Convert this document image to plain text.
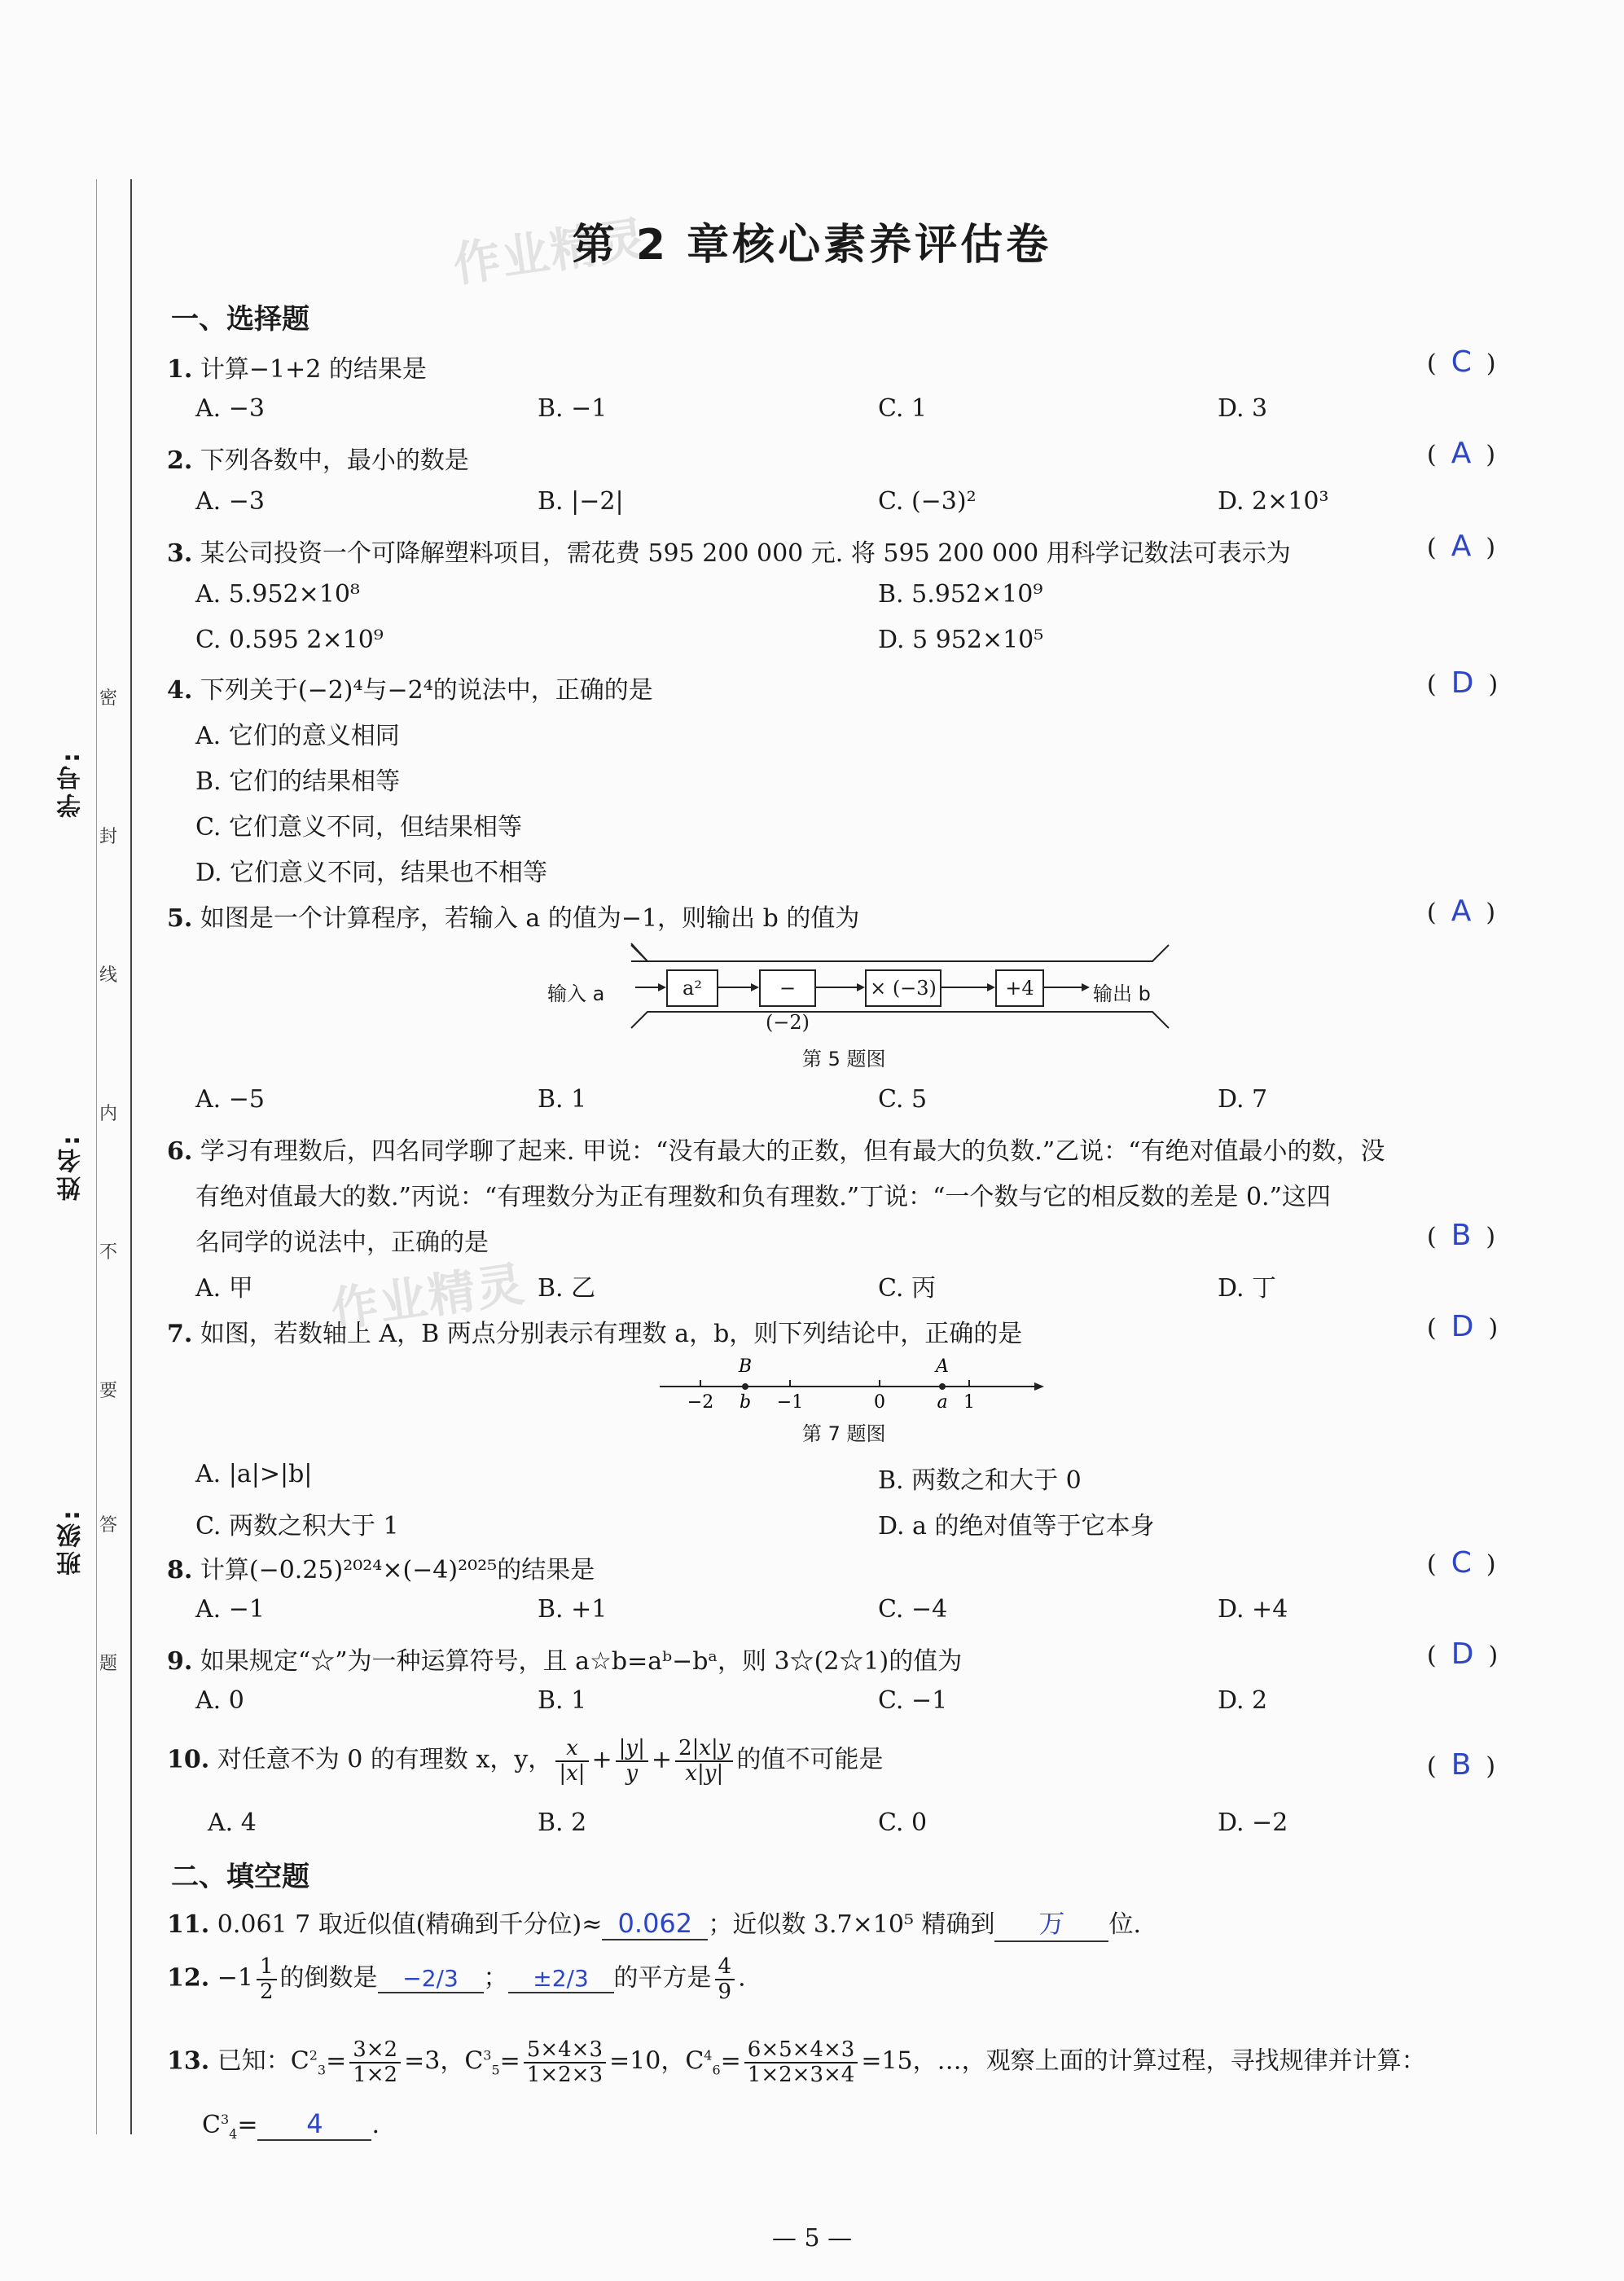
密
封
线
内
不
要
答
题
学号:
姓名:
班级:
作业精灵
作业精灵
第 2 章核心素养评估卷
一、选择题
1. 计算−1+2 的结果是	( C )
A. −3	B. −1	C. 1	D. 3
2. 下列各数中，最小的数是	( A )
A. −3	B. |−2|	C. (−3)²	D. 2×10³
3. 某公司投资一个可降解塑料项目，需花费 595 200 000 元. 将 595 200 000 用科学记数法可表示为	( A )
A. 5.952×10⁸	B. 5.952×10⁹
C. 0.595 2×10⁹	D. 5 952×10⁵
4. 下列关于(−2)⁴与−2⁴的说法中，正确的是	( D )
A. 它们的意义相同
B. 它们的结果相等
C. 它们意义不同，但结果相等
D. 它们意义不同，结果也不相等
5. 如图是一个计算程序，若输入 a 的值为−1，则输出 b 的值为	( A )
输入 a	a²	−(−2)
× (−3)	+4	输出 b
第 5 题图
A. −5	B. 1	C. 5	D. 7
6. 学习有理数后，四名同学聊了起来. 甲说：“没有最大的正数，但有最大的负数.”乙说：“有绝对值最小的数，没
有绝对值最大的数.”丙说：“有理数分为正有理数和负有理数.”丁说：“一个数与它的相反数的差是 0.”这四
名同学的说法中，正确的是	( B )
A. 甲	B. 乙	C. 丙	D. 丁
7. 如图，若数轴上 A，B 两点分别表示有理数 a，b，则下列结论中，正确的是	( D )
−2	−1	0	1
B
b
A
a
第 7 题图
A. |a|>|b|	B. 两数之和大于 0
C. 两数之积大于 1	D. a 的绝对值等于它本身
8. 计算(−0.25)²⁰²⁴×(−4)²⁰²⁵的结果是	( C )
A. −1	B. +1	C. −4	D. +4
9. 如果规定“☆”为一种运算符号，且 a☆b=aᵇ−bᵃ，则 3☆(2☆1)的值为	( D )
A. 0	B. 1	C. −1	D. 2
10. 对任意不为 0 的有理数 x，y， $\frac{x}{|x|} + \frac{|y|}{y} + \frac{2|x|y}{x|y|}$ 的值不可能是	( B )
A. 4	B. 2	C. 0	D. −2
二、填空题
11. 0.061 7 取近似值(精确到千分位)≈ 0.062 ；近似数 3.7×10⁵ 精确到 万 位.
12. $-1 \frac{1}{2}$ 的倒数是 −2/3 ； ±2/3 的平方是 $\frac{4}{9}$ .
13. 已知：$C^2_3= \frac{3\times 2}{1\times 2} =3$，$C^3_5= \frac{5\times 4\times 3}{1\times 2\times 3} =10$，$C^4_6= \frac{6\times 5\times 4\times 3}{1\times 2\times 3\times 4} =15$，…，观察上面的计算过程，寻找规律并计算：
$C^3_4= 4$ .
— 5 —
